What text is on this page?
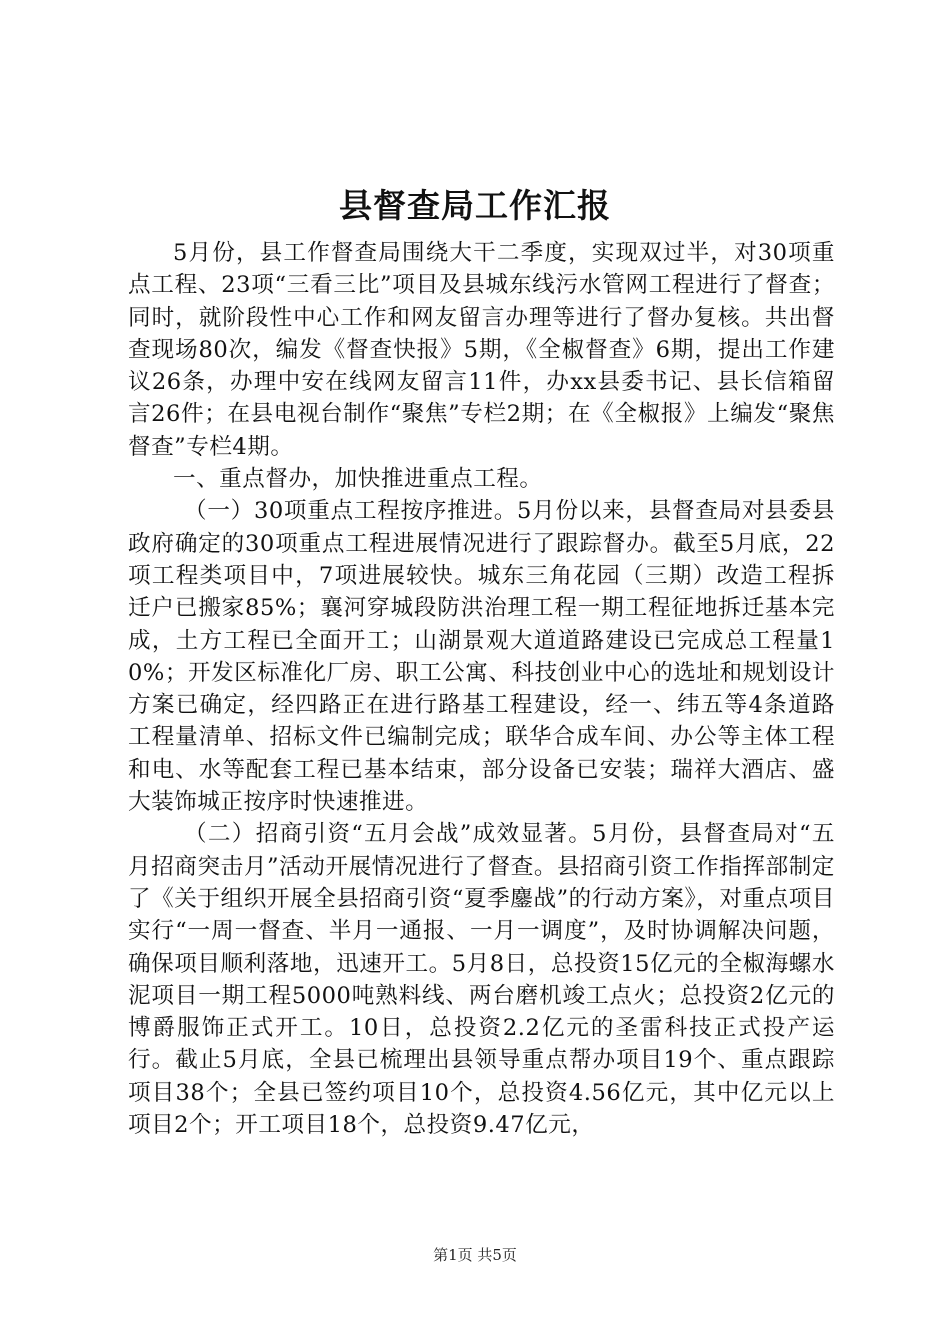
县督查局工作汇报

5月份，县工作督查局围绕大干二季度，实现双过半，对30项重点工程、23项“三看三比”项目及县城东线污水管网工程进行了督查；同时，就阶段性中心工作和网友留言办理等进行了督办复核。共出督查现场80次，编发《督查快报》5期，《全椒督查》6期，提出工作建议26条，办理中安在线网友留言11件，办xx县委书记、县长信箱留言26件；在县电视台制作“聚焦”专栏2期；在《全椒报》上编发“聚焦督查”专栏4期。

一、重点督办，加快推进重点工程。

（一）30项重点工程按序推进。5月份以来，县督查局对县委县政府确定的30项重点工程进展情况进行了跟踪督办。截至5月底，22项工程类项目中，7项进展较快。城东三角花园（三期）改造工程拆迁户已搬家85%；襄河穿城段防洪治理工程一期工程征地拆迁基本完成，土方工程已全面开工；山湖景观大道道路建设已完成总工程量10%；开发区标准化厂房、职工公寓、科技创业中心的选址和规划设计方案已确定，经四路正在进行路基工程建设，经一、纬五等4条道路工程量清单、招标文件已编制完成；联华合成车间、办公等主体工程和电、水等配套工程已基本结束，部分设备已安装；瑞祥大酒店、盛大装饰城正按序时快速推进。

（二）招商引资“五月会战”成效显著。5月份，县督查局对“五月招商突击月”活动开展情况进行了督查。县招商引资工作指挥部制定了《关于组织开展全县招商引资“夏季鏖战”的行动方案》，对重点项目实行“一周一督查、半月一通报、一月一调度”，及时协调解决问题，确保项目顺利落地，迅速开工。5月8日，总投资15亿元的全椒海螺水泥项目一期工程5000吨熟料线、两台磨机竣工点火；总投资2亿元的博爵服饰正式开工。10日，总投资2.2亿元的圣雷科技正式投产运行。截止5月底，全县已梳理出县领导重点帮办项目19个、重点跟踪项目38个；全县已签约项目10个，总投资4.56亿元，其中亿元以上项目2个；开工项目18个，总投资9.47亿元，

第1页 共5页
